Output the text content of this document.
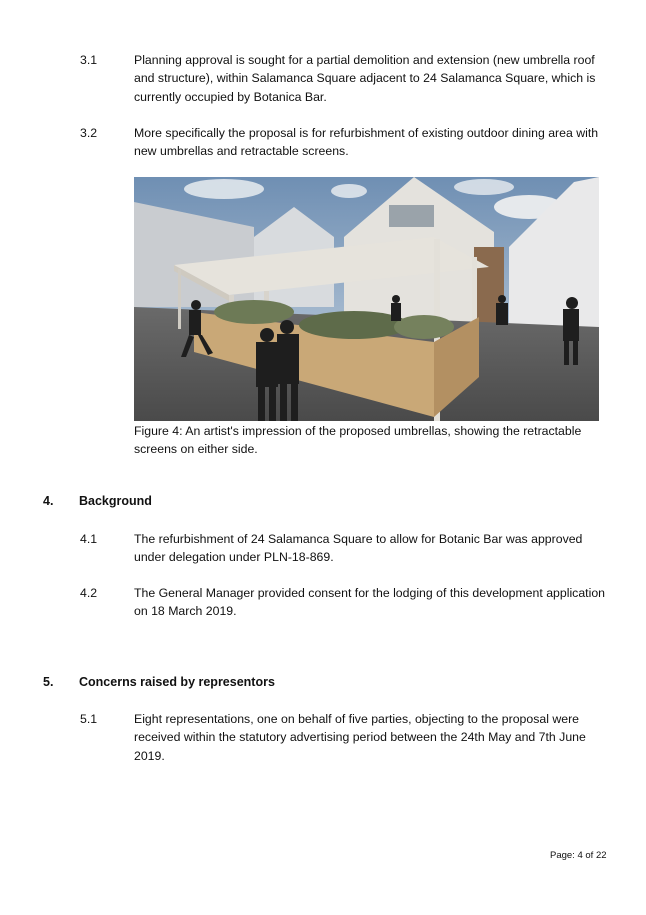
3.1	Planning approval is sought for a partial demolition and extension (new umbrella roof and structure), within Salamanca Square adjacent to 24 Salamanca Square, which is currently occupied by Botanica Bar.
3.2	More specifically the proposal is for refurbishment of existing outdoor dining area with new umbrellas and retractable screens.
Figure 4: An artist's impression of the proposed umbrellas, showing the retractable screens on either side.
4. Background
4.1	The refurbishment of 24 Salamanca Square to allow for Botanic Bar was approved under delegation under PLN-18-869.
4.2	The General Manager provided consent for the lodging of this development application on 18 March 2019.
5. Concerns raised by representors
5.1	Eight representations, one on behalf of five parties, objecting to the proposal were received within the statutory advertising period between the 24th May and 7th June 2019.
Page: 4 of 22
